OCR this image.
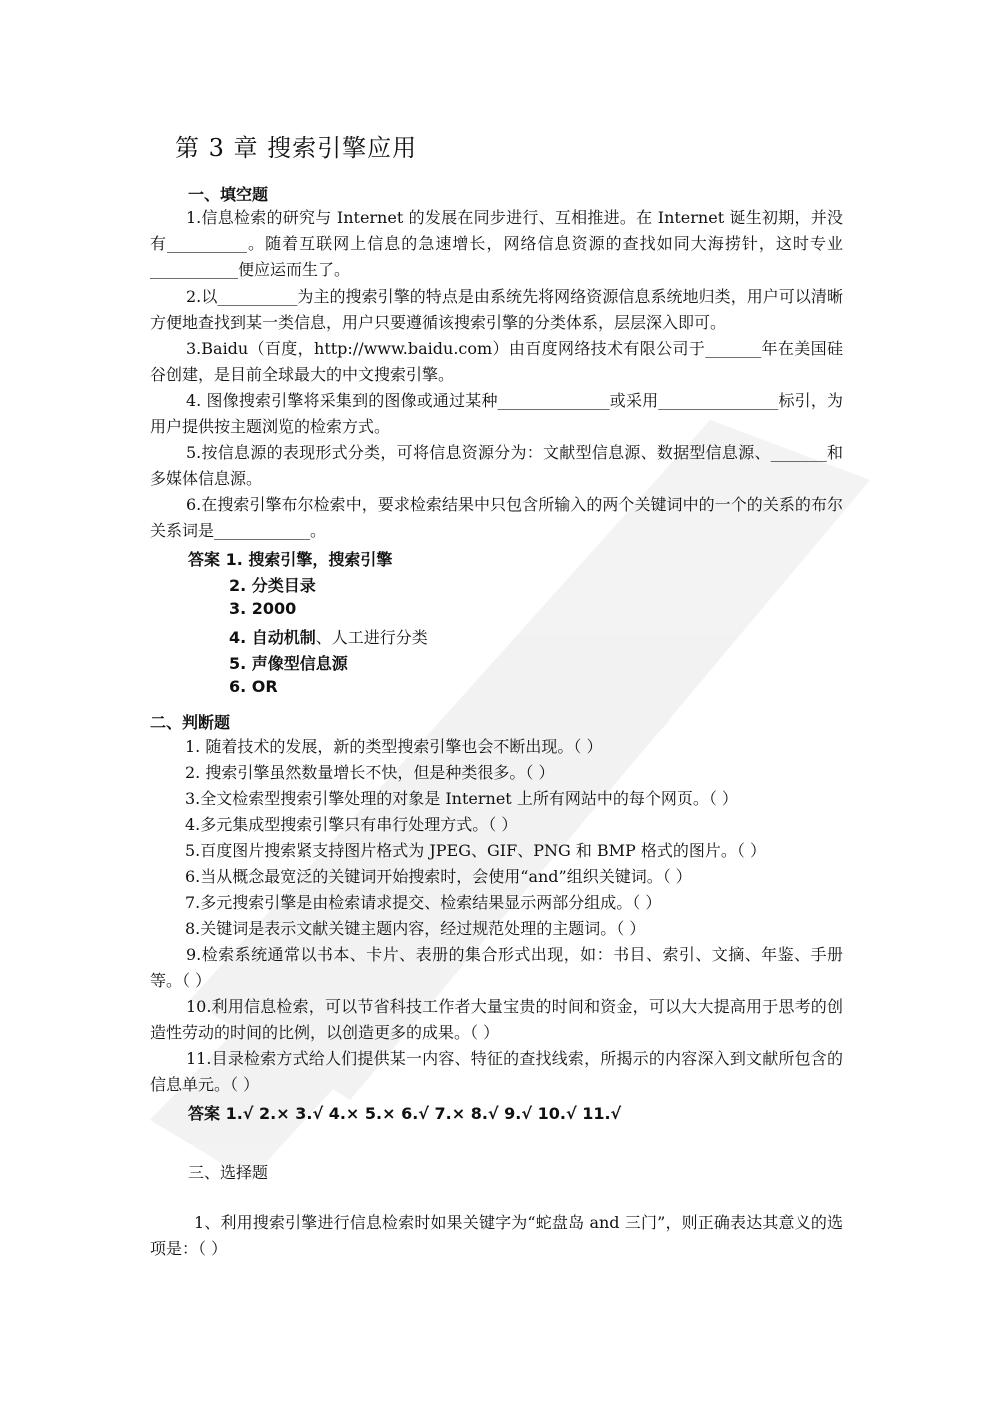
第 3 章 搜索引擎应用
一、填空题

1.信息检索的研究与 Internet 的发展在同步进行、互相推进。在 Internet 诞生初期，并没有__________。随着互联网上信息的急速增长，网络信息资源的查找如同大海捞针，这时专业___________便应运而生了。

2.以__________为主的搜索引擎的特点是由系统先将网络资源信息系统地归类，用户可以清晰方便地查找到某一类信息，用户只要遵循该搜索引擎的分类体系，层层深入即可。

3.Baidu（百度，http://www.baidu.com）由百度网络技术有限公司于_______年在美国硅谷创建，是目前全球最大的中文搜索引擎。

4. 图像搜索引擎将采集到的图像或通过某种______________或采用_______________标引，为用户提供按主题浏览的检索方式。

5.按信息源的表现形式分类，可将信息资源分为：文献型信息源、数据型信息源、_______和多媒体信息源。

6.在搜索引擎布尔检索中，要求检索结果中只包含所输入的两个关键词中的一个的关系的布尔关系词是____________。

答案 1. 搜索引擎，搜索引擎
2. 分类目录
3. 2000
4. 自动机制、人工进行分类
5. 声像型信息源
6. OR
二、判断题
1. 随着技术的发展，新的类型搜索引擎也会不断出现。（ ）
2. 搜索引擎虽然数量增长不快，但是种类很多。（ ）
3.全文检索型搜索引擎处理的对象是 Internet 上所有网站中的每个网页。（ ）
4.多元集成型搜索引擎只有串行处理方式。（ ）
5.百度图片搜索紧支持图片格式为 JPEG、GIF、PNG 和 BMP 格式的图片。（ ）
6.当从概念最宽泛的关键词开始搜索时，会使用“and”组织关键词。（ ）
7.多元搜索引擎是由检索请求提交、检索结果显示两部分组成。（ ）
8.关键词是表示文献关键主题内容，经过规范处理的主题词。（ ）

9.检索系统通常以书本、卡片、表册的集合形式出现，如：书目、索引、文摘、年鉴、手册等。（ ）

10.利用信息检索，可以节省科技工作者大量宝贵的时间和资金，可以大大提高用于思考的创造性劳动的时间的比例，以创造更多的成果。（ ）

11.目录检索方式给人们提供某一内容、特征的查找线索，所揭示的内容深入到文献所包含的信息单元。（ ）

答案 1.√ 2.× 3.√ 4.× 5.× 6.√ 7.× 8.√ 9.√ 10.√ 11.√
三、选择题

1、利用搜索引擎进行信息检索时如果关键字为“蛇盘岛 and 三门”，则正确表达其意义的选项是：（ ）
